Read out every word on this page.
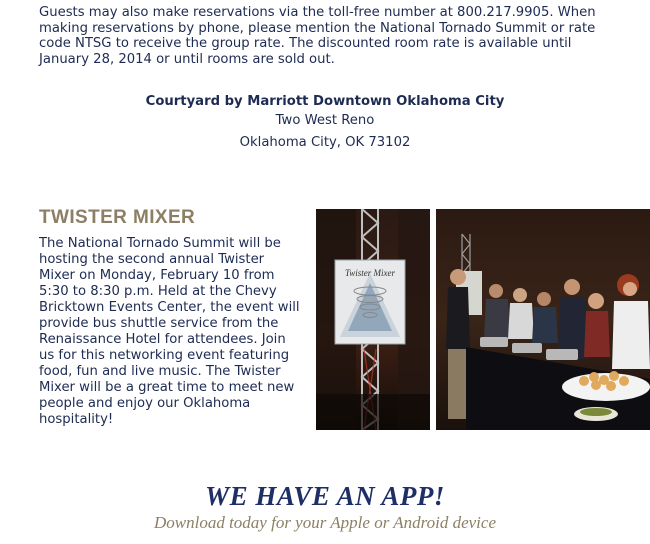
Guests may also make reservations via the toll-free number at 800.217.9905. When making reservations by phone, please mention the National Tornado Summit or rate code NTSG to receive the group rate. The discounted room rate is available until January 28, 2014 or until rooms are sold out.

Courtyard by Marriott Downtown Oklahoma City
Two West Reno
Oklahoma City, OK 73102
TWISTER MIXER

The National Tornado Summit will be hosting the second annual Twister Mixer on Monday, February 10 from 5:30 to 8:30 p.m. Held at the Chevy Bricktown Events Center, the event will provide bus shuttle service from the Renaissance Hotel for attendees. Join us for this networking event featuring food, fun and live music. The Twister Mixer will be a great time to meet new people and enjoy our Oklahoma hospitality!

Twister Mixer
WE HAVE AN APP!

Download today for your Apple or Android device
